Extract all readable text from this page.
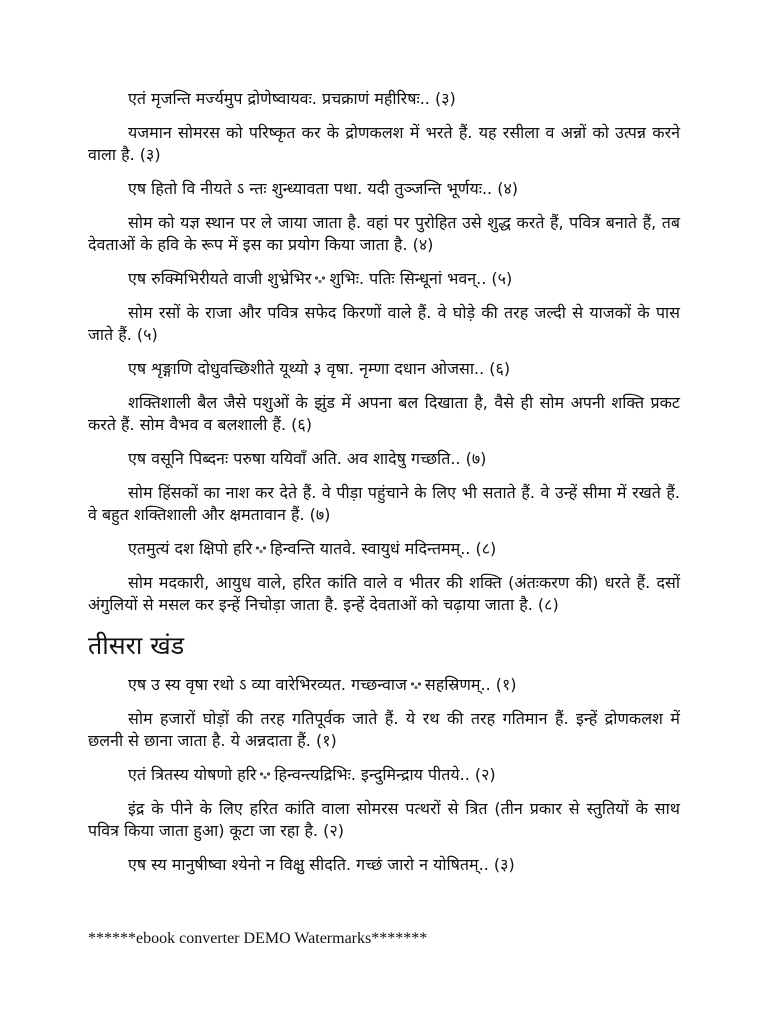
एतं मृजन्ति मर्ज्यमुप द्रोणेष्वायवः. प्रचक्राणं महीरिषः.. (३)

यजमान सोमरस को परिष्कृत कर के द्रोणकलश में भरते हैं. यह रसीला व अन्नों को उत्पन्न करने वाला है. (३)

एष हितो वि नीयते ऽ न्तः शुन्ध्यावता पथा. यदी तुञ्जन्ति भूर्णयः.. (४)

सोम को यज्ञ स्थान पर ले जाया जाता है. वहां पर पुरोहित उसे शुद्ध करते हैं, पवित्र बनाते हैं, तब देवताओं के हवि के रूप में इस का प्रयोग किया जाता है. (४)

एष रुक्मिभिरीयते वाजी शुभ्रेभिर शुभिः. पतिः सिन्धूनां भवन्.. (५)

सोम रसों के राजा और पवित्र सफेद किरणों वाले हैं. वे घोड़े की तरह जल्दी से याजकों के पास जाते हैं. (५)

एष शृङ्गाणि दोधुवच्छिशीते यूथ्यो ३ वृषा. नृम्णा दधान ओजसा.. (६)

शक्तिशाली बैल जैसे पशुओं के झुंड में अपना बल दिखाता है, वैसे ही सोम अपनी शक्ति प्रकट करते हैं. सोम वैभव व बलशाली हैं. (६)

एष वसूनि पिब्दनः परुषा ययिवाँ अति. अव शादेषु गच्छति.. (७)

सोम हिंसकों का नाश कर देते हैं. वे पीड़ा पहुंचाने के लिए भी सताते हैं. वे उन्हें सीमा में रखते हैं. वे बहुत शक्तिशाली और क्षमतावान हैं. (७)

एतमुत्यं दश क्षिपो हरि हिन्वन्ति यातवे. स्वायुधं मदिन्तमम्.. (८)

सोम मदकारी, आयुध वाले, हरित कांति वाले व भीतर की शक्ति (अंतःकरण की) धरते हैं. दसों अंगुलियों से मसल कर इन्हें निचोड़ा जाता है. इन्हें देवताओं को चढ़ाया जाता है. (८)

तीसरा खंड

एष उ स्य वृषा रथो ऽ व्या वारेभिरव्यत. गच्छन्वाज सहस्रिणम्.. (१)

सोम हजारों घोड़ों की तरह गतिपूर्वक जाते हैं. ये रथ की तरह गतिमान हैं. इन्हें द्रोणकलश में छलनी से छाना जाता है. ये अन्नदाता हैं. (१)

एतं त्रितस्य योषणो हरि हिन्वन्त्यद्रिभिः. इन्दुमिन्द्राय पीतये.. (२)

इंद्र के पीने के लिए हरित कांति वाला सोमरस पत्थरों से त्रित (तीन प्रकार से स्तुतियों के साथ पवित्र किया जाता हुआ) कूटा जा रहा है. (२)

एष स्य मानुषीष्वा श्येनो न विक्षु सीदति. गच्छं जारो न योषितम्.. (३)

******ebook converter DEMO Watermarks*******
